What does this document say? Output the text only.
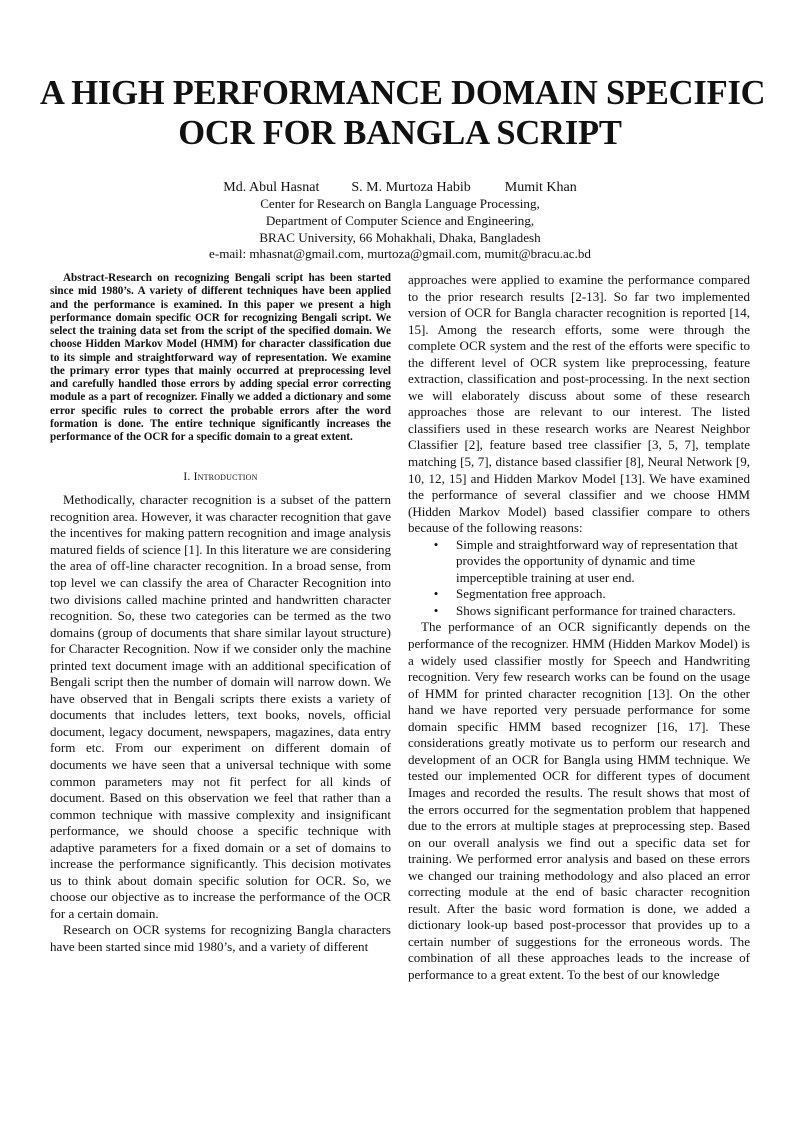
A HIGH PERFORMANCE DOMAIN SPECIFIC
OCR FOR BANGLA SCRIPT
Md. Abul Hasnat S. M. Murtoza Habib Mumit Khan
Center for Research on Bangla Language Processing,
Department of Computer Science and Engineering,
BRAC University, 66 Mohakhali, Dhaka, Bangladesh
e-mail: mhasnat@gmail.com, murtoza@gmail.com, mumit@bracu.ac.bd

Abstract-Research on recognizing Bengali script has been started since mid 1980’s. A variety of different techniques have been applied and the performance is examined. In this paper we present a high performance domain specific OCR for recognizing Bengali script. We select the training data set from the script of the specified domain. We choose Hidden Markov Model (HMM) for character classification due to its simple and straightforward way of representation. We examine the primary error types that mainly occurred at preprocessing level and carefully handled those errors by adding special error correcting module as a part of recognizer. Finally we added a dictionary and some error specific rules to correct the probable errors after the word formation is done. The entire technique significantly increases the performance of the OCR for a specific domain to a great extent.

I. Introduction

Methodically, character recognition is a subset of the pattern recognition area. However, it was character recognition that gave the incentives for making pattern recognition and image analysis matured fields of science [1]. In this literature we are considering the area of off-line character recognition. In a broad sense, from top level we can classify the area of Character Recognition into two divisions called machine printed and handwritten character recognition. So, these two categories can be termed as the two domains (group of documents that share similar layout structure) for Character Recognition. Now if we consider only the machine printed text document image with an additional specification of Bengali script then the number of domain will narrow down. We have observed that in Bengali scripts there exists a variety of documents that includes letters, text books, novels, official document, legacy document, newspapers, magazines, data entry form etc. From our experiment on different domain of documents we have seen that a universal technique with some common parameters may not fit perfect for all kinds of document. Based on this observation we feel that rather than a common technique with massive complexity and insignificant performance, we should choose a specific technique with adaptive parameters for a fixed domain or a set of domains to increase the performance significantly. This decision motivates us to think about domain specific solution for OCR. So, we choose our objective as to increase the performance of the OCR for a certain domain.

Research on OCR systems for recognizing Bangla characters have been started since mid 1980’s, and a variety of different

approaches were applied to examine the performance compared to the prior research results [2-13]. So far two implemented version of OCR for Bangla character recognition is reported [14, 15]. Among the research efforts, some were through the complete OCR system and the rest of the efforts were specific to the different level of OCR system like preprocessing, feature extraction, classification and post-processing. In the next section we will elaborately discuss about some of these research approaches those are relevant to our interest. The listed classifiers used in these research works are Nearest Neighbor Classifier [2], feature based tree classifier [3, 5, 7], template matching [5, 7], distance based classifier [8], Neural Network [9, 10, 12, 15] and Hidden Markov Model [13]. We have examined the performance of several classifier and we choose HMM (Hidden Markov Model) based classifier compare to others because of the following reasons:

• Simple and straightforward way of representation that provides the opportunity of dynamic and time imperceptible training at user end.
• Segmentation free approach.
• Shows significant performance for trained characters.

The performance of an OCR significantly depends on the performance of the recognizer. HMM (Hidden Markov Model) is a widely used classifier mostly for Speech and Handwriting recognition. Very few research works can be found on the usage of HMM for printed character recognition [13]. On the other hand we have reported very persuade performance for some domain specific HMM based recognizer [16, 17]. These considerations greatly motivate us to perform our research and development of an OCR for Bangla using HMM technique. We tested our implemented OCR for different types of document Images and recorded the results. The result shows that most of the errors occurred for the segmentation problem that happened due to the errors at multiple stages at preprocessing step. Based on our overall analysis we find out a specific data set for training. We performed error analysis and based on these errors we changed our training methodology and also placed an error correcting module at the end of basic character recognition result. After the basic word formation is done, we added a dictionary look-up based post-processor that provides up to a certain number of suggestions for the erroneous words. The combination of all these approaches leads to the increase of performance to a great extent. To the best of our knowledge
